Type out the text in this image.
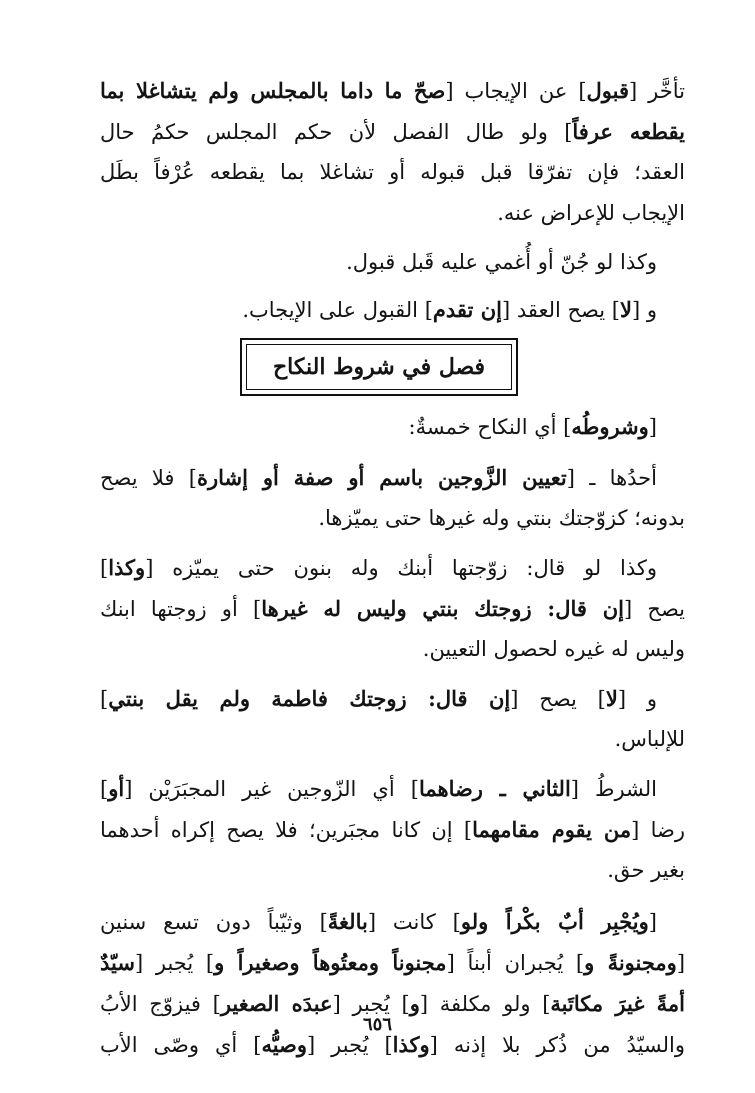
تأخَّر [قبول] عن الإيجاب [صحّ ما داما بالمجلس ولم يتشاغلا بما
يقطعه عرفاً] ولو طال الفصل لأن حكم المجلس حكمُ حال
العقد؛ فإن تفرّقا قبل قبوله أو تشاغلا بما يقطعه عُرْفاً بطَل
الإيجاب للإعراض عنه.
وكذا لو جُنّ أو أُغمي عليه قَبل قبول.
و [لا] يصح العقد [إن تقدم] القبول على الإيجاب.
فصل في شروط النكاح
[وشروطُه] أي النكاح خمسةٌ:
أحدُها ـ [تعيين الزَّوجين باسم أو صفة أو إشارة] فلا يصح
بدونه؛ كزوّجتك بنتي وله غيرها حتى يميّزها.
وكذا لو قال: زوّجتها أبنك وله بنون حتى يميّزه [وكذا]
يصح [إن قال: زوجتك بنتي وليس له غيرها] أو زوجتها ابنك
وليس له غيره لحصول التعيين.
و [لا] يصح [إن قال: زوجتك فاطمة ولم يقل بنتي]
للإلباس.
الشرطُ [الثاني ـ رضاهما] أي الزّوجين غير المجبَرَيْن [أو]
رضا [من يقوم مقامهما] إن كانا مجبَرين؛ فلا يصح إكراه أحدهما
بغير حق.
[ويُجْبِر أبٌ بكْراً ولو] كانت [بالغةً] وثيّباً دون تسع سنين
[ومجنونةً و] يُجبران أبناً [مجنوناً ومعتُوهاً وصغيراً و] يُجبر [سيّدٌ
أمةً غيرَ مكاتَبة] ولو مكلفة [و] يُجبر [عبدَه الصغير] فيزوّج الأبُ
والسيّدُ من ذُكر بلا إذنه [وكذا] يُجبر [وصيُّه] أي وصّى الأب
٦٥٦
